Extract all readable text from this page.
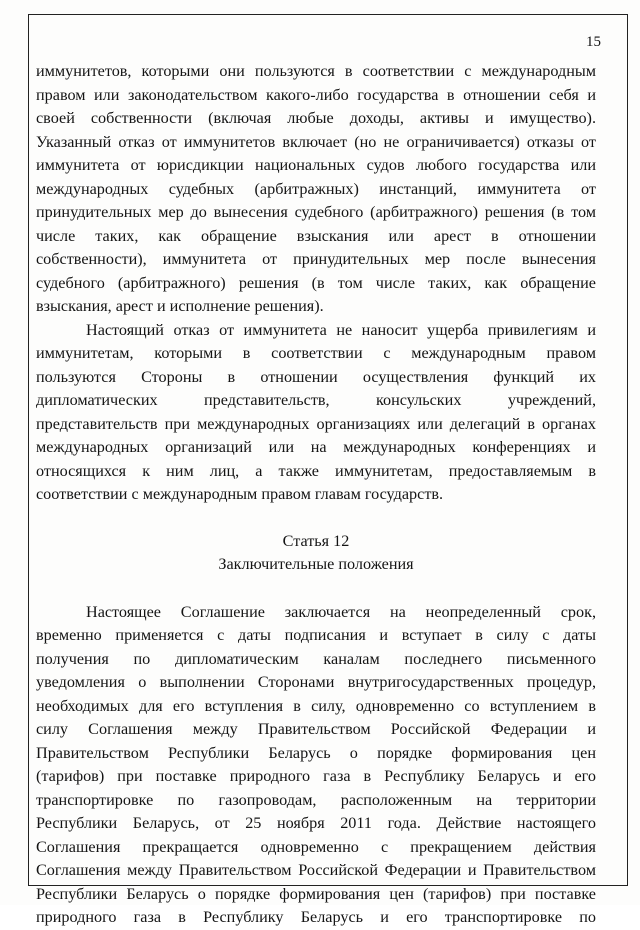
15

иммунитетов, которыми они пользуются в соответствии с международным
правом или законодательством какого-либо государства в отношении себя и
своей собственности (включая любые доходы, активы и имущество).
Указанный отказ от иммунитетов включает (но не ограничивается) отказы от
иммунитета от юрисдикции национальных судов любого государства или
международных судебных (арбитражных) инстанций, иммунитета от
принудительных мер до вынесения судебного (арбитражного) решения (в том
числе таких, как обращение взыскания или арест в отношении
собственности), иммунитета от принудительных мер после вынесения
судебного (арбитражного) решения (в том числе таких, как обращение
взыскания, арест и исполнение решения).

Настоящий отказ от иммунитета не наносит ущерба привилегиям и
иммунитетам, которыми в соответствии с международным правом
пользуются Стороны в отношении осуществления функций их
дипломатических представительств, консульских учреждений,
представительств при международных организациях или делегаций в органах
международных организаций или на международных конференциях и
относящихся к ним лиц, а также иммунитетам, предоставляемым в
соответствии с международным правом главам государств.

Статья 12
Заключительные положения

Настоящее Соглашение заключается на неопределенный срок,
временно применяется с даты подписания и вступает в силу с даты
получения по дипломатическим каналам последнего письменного
уведомления о выполнении Сторонами внутригосударственных процедур,
необходимых для его вступления в силу, одновременно со вступлением в
силу Соглашения между Правительством Российской Федерации и
Правительством Республики Беларусь о порядке формирования цен
(тарифов) при поставке природного газа в Республику Беларусь и его
транспортировке по газопроводам, расположенным на территории
Республики Беларусь, от 25 ноября 2011 года. Действие настоящего
Соглашения прекращается одновременно с прекращением действия
Соглашения между Правительством Российской Федерации и Правительством
Республики Беларусь о порядке формирования цен (тарифов) при поставке
природного газа в Республику Беларусь и его транспортировке по
